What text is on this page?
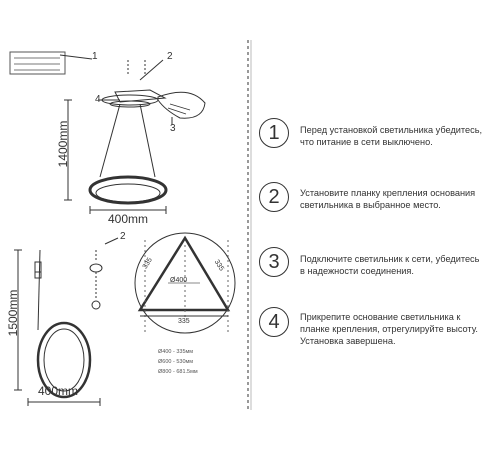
1	2
4
3
2
1400mm
400mm
1500mm
400mm
Ø400
335	335
335
Ø400 - 335мм
Ø600 - 530мм
Ø800 - 681.5мм
1	Перед установкой светильника убедитесь, что питание в сети выключено.
2	Установите планку крепления основания светильника в выбранное место.
3	Подключите светильник к сети, убедитесь в надежности соединения.
4	Прикрепите основание светильника к планке крепления, отрегулируйте высоту. Установка завершена.
